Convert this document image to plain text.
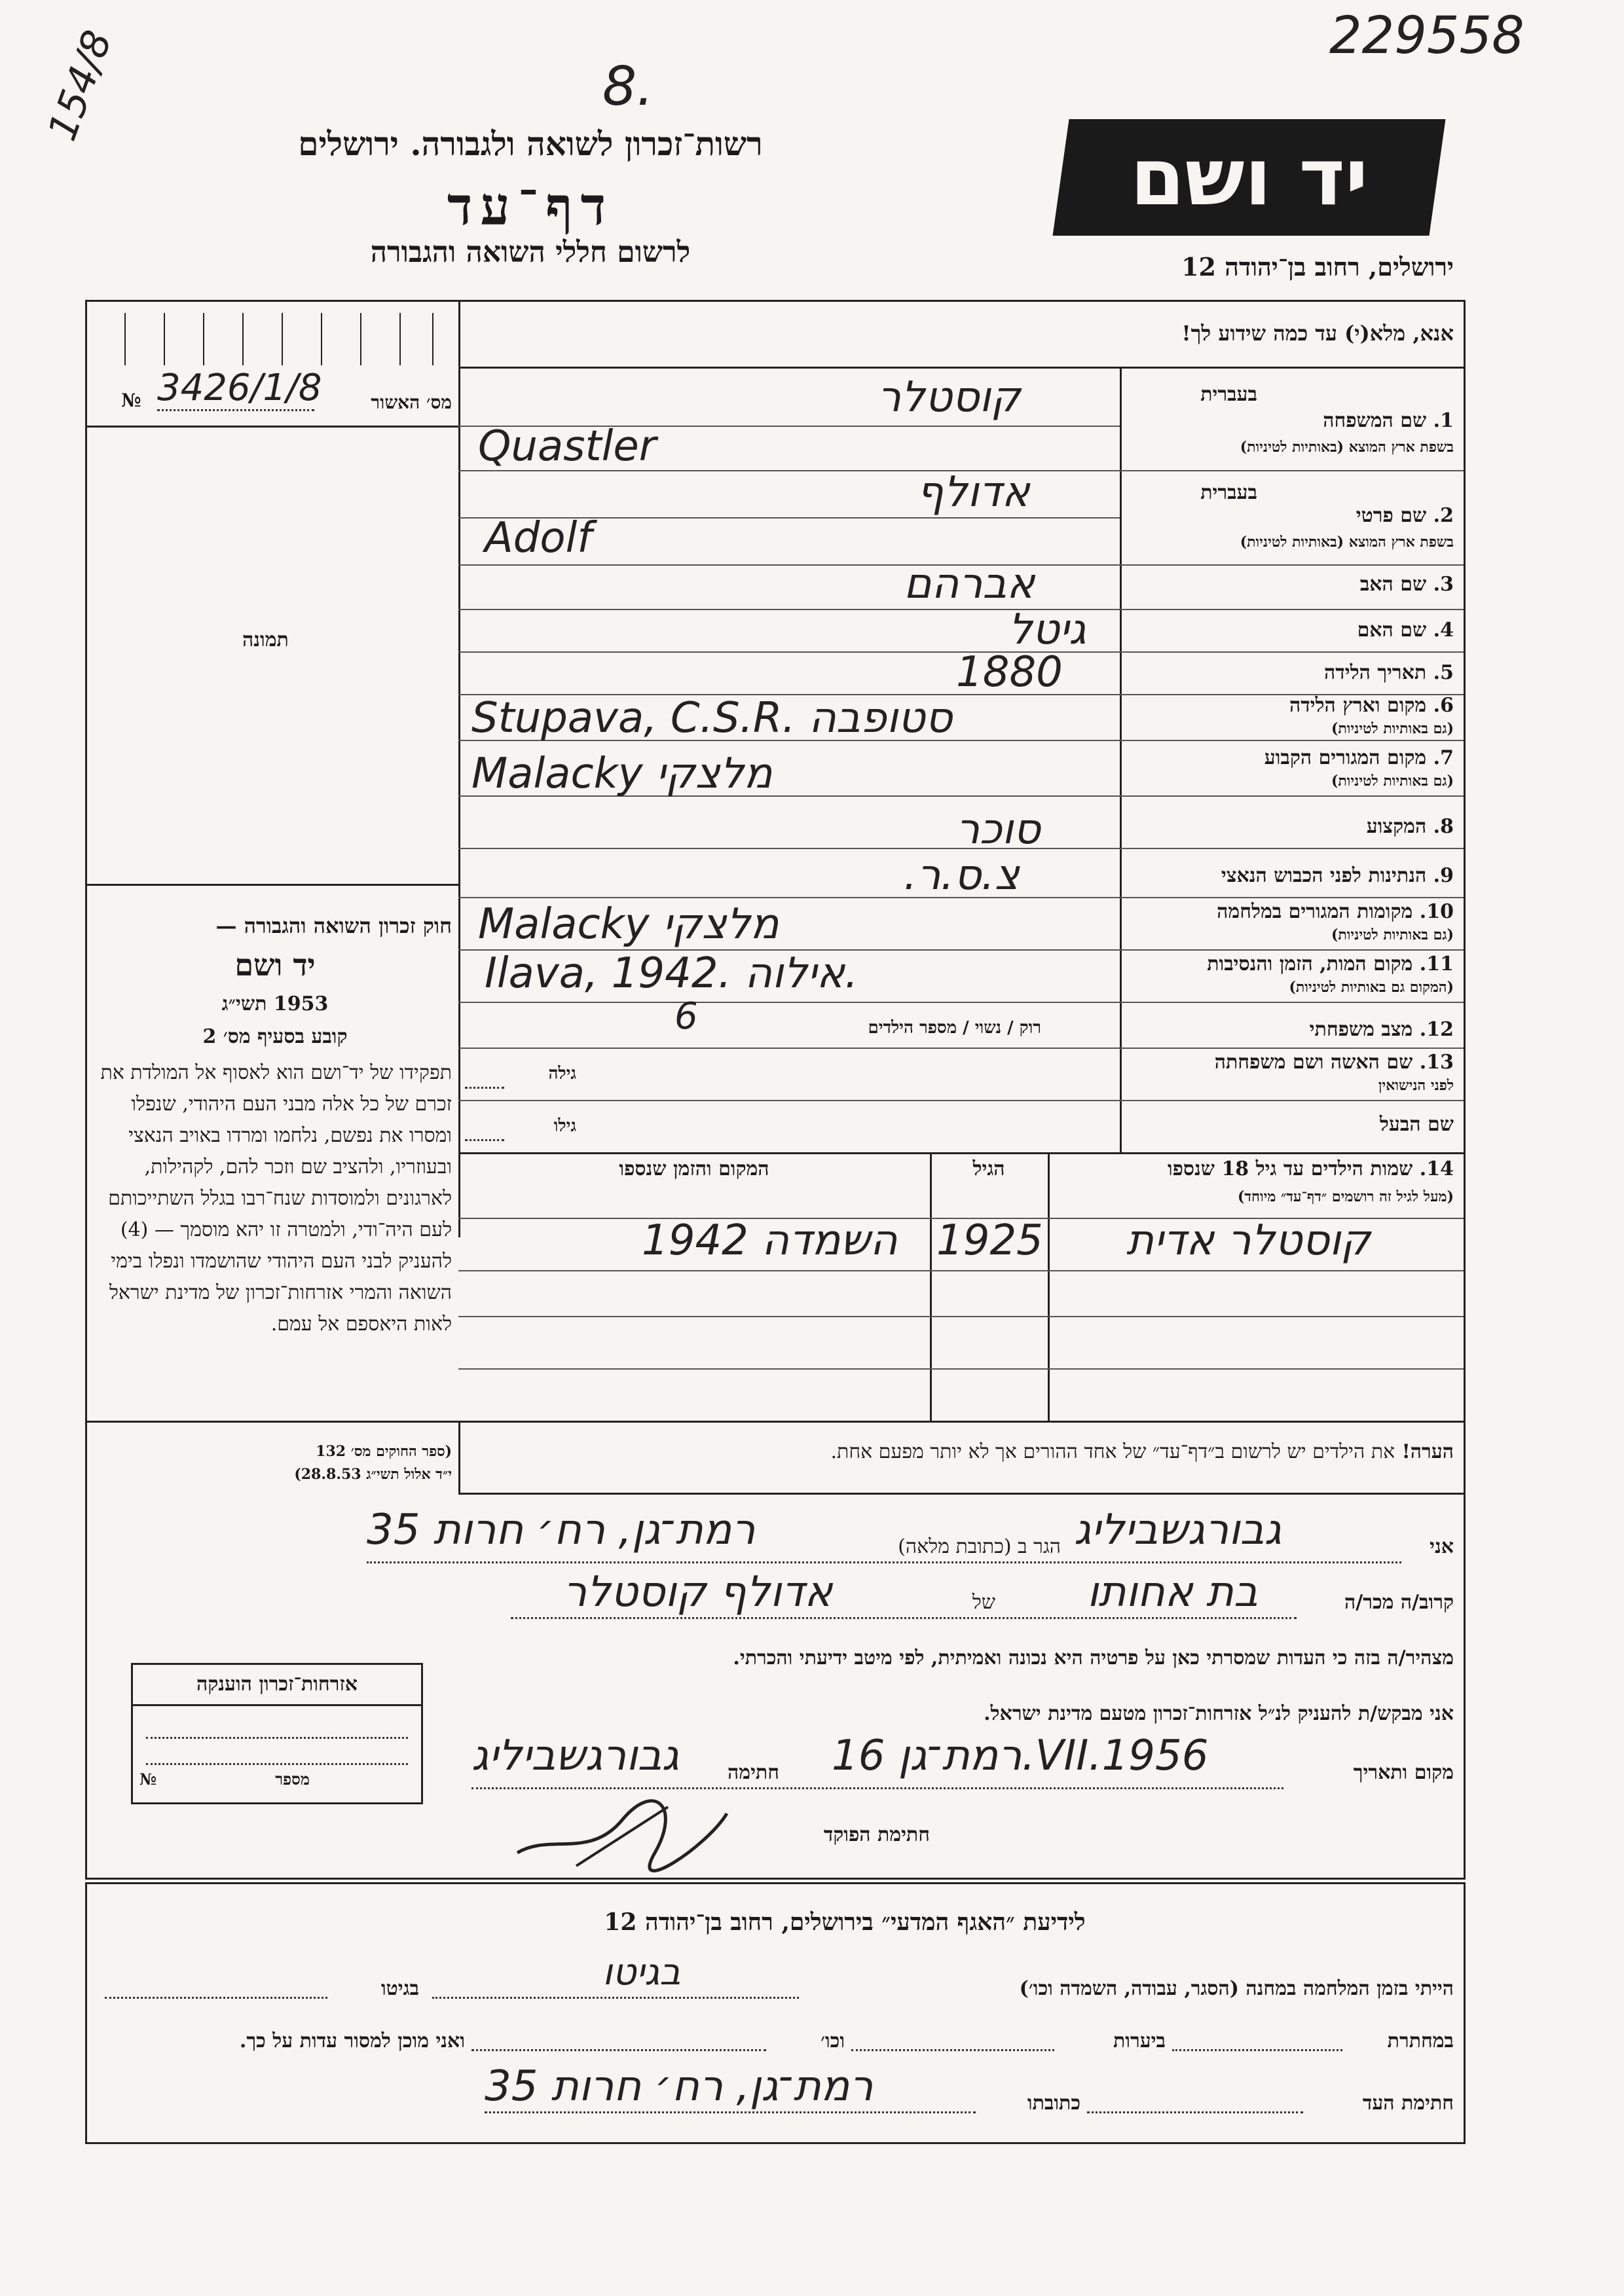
229558
154/8	8.
רשות־זכרון לשואה ולגבורה. ירושלים
דף־עד
לרשום חללי השואה והגבורה
יד ושם
ירושלים, רחוב בן־יהודה 12
אנא, מלא(י) עד כמה שידוע לך!
№ 3426/1/8	מס׳ האשור
תמונה
בעברית
1. שם המשפחה
בשפת ארץ המוצא (באותיות לטיניות)
קוסטלר
Quastler
בעברית
2. שם פרטי
בשפת ארץ המוצא (באותיות לטיניות)
אדולף
Adolf
3. שם האב
אברהם
4. שם האם
גיטל
5. תאריך הלידה
1880
6. מקום וארץ הלידה
(גם באותיות לטיניות)
Stupava, C.S.R. סטופבה
7. מקום המגורים הקבוע
(גם באותיות לטיניות)
Malacky מלצקי
8. המקצוע
סוכר
9. הנתינות לפני הכבוש הנאצי
צ.ס.ר.
10. מקומות המגורים במלחמה
(גם באותיות לטיניות)
Malacky מלצקי
11. מקום המות, הזמן והנסיבות
(המקום גם באותיות לטיניות)
Ilava, 1942. אילוה.
12. מצב משפחתי
רוק / נשוי / מספר הילדים
6
13. שם האשה ושם משפחתה
לפני הנישואין
גילה
שם הבעל
גילו
14. שמות הילדים עד גיל 18 שנספו
(מעל לגיל זה רושמים ״דף־עד״ מיוחד)
הגיל
המקום והזמן שנספו
קוסטלר אדית
1925
השמדה 1942
חוק זכרון השואה והגבורה —
יד ושם
1953 תשי״ג
קובע בסעיף מס׳ 2
תפקידו של יד־ושם הוא לאסוף אל המולדת את זכרם של כל אלה מבני העם היהודי, שנפלו ומסרו את נפשם, נלחמו ומרדו באויב הנאצי ובעוזריו, ולהציב שם וזכר להם, לקהילות, לארגונים ולמוסדות שנח־רבו בגלל השתייכותם לעם היה־ודי, ולמטרה זו יהא מוסמך — (4) להעניק לבני העם היהודי שהושמדו ונפלו בימי השואה והמרי אזרחות־זכרון של מדינת ישראל לאות היאספם אל עמם.
(ספר החוקים מס׳ 132
י״ד אלול תשי״ג 28.8.53)
הערה! את הילדים יש לרשום ב״דף־עד״ של אחד ההורים אך לא יותר מפעם אחת.
אני
גבורגשביליג
הגר ב (כתובת מלאה)
רמת־גן, רח׳ חרות 35
קרוב/ה מכר/ה
בת אחותו
של
אדולף קוסטלר
מצהיר/ה בזה כי העדות שמסרתי כאן על פרטיה היא נכונה ואמיתית, לפי מיטב ידיעתי והכרתי.
אני מבקש/ת להעניק לנ״ל אזרחות־זכרון מטעם מדינת ישראל.
מקום ותאריך
רמת־גן 16.VII.1956
חתימה
גבורגשביליג
חתימת הפוקד
אזרחות־זכרון הוענקה
מספר
№
לידיעת ״האגף המדעי״ בירושלים, רחוב בן־יהודה 12
הייתי בזמן המלחמה במחנה (הסגר, עבודה, השמדה וכו׳)
בגיטו
בגיטו
במחתרת
ביערות
וכו׳
ואני מוכן למסור עדות על כך.
חתימת העד
כתובתו
רמת־גן, רח׳ חרות 35
